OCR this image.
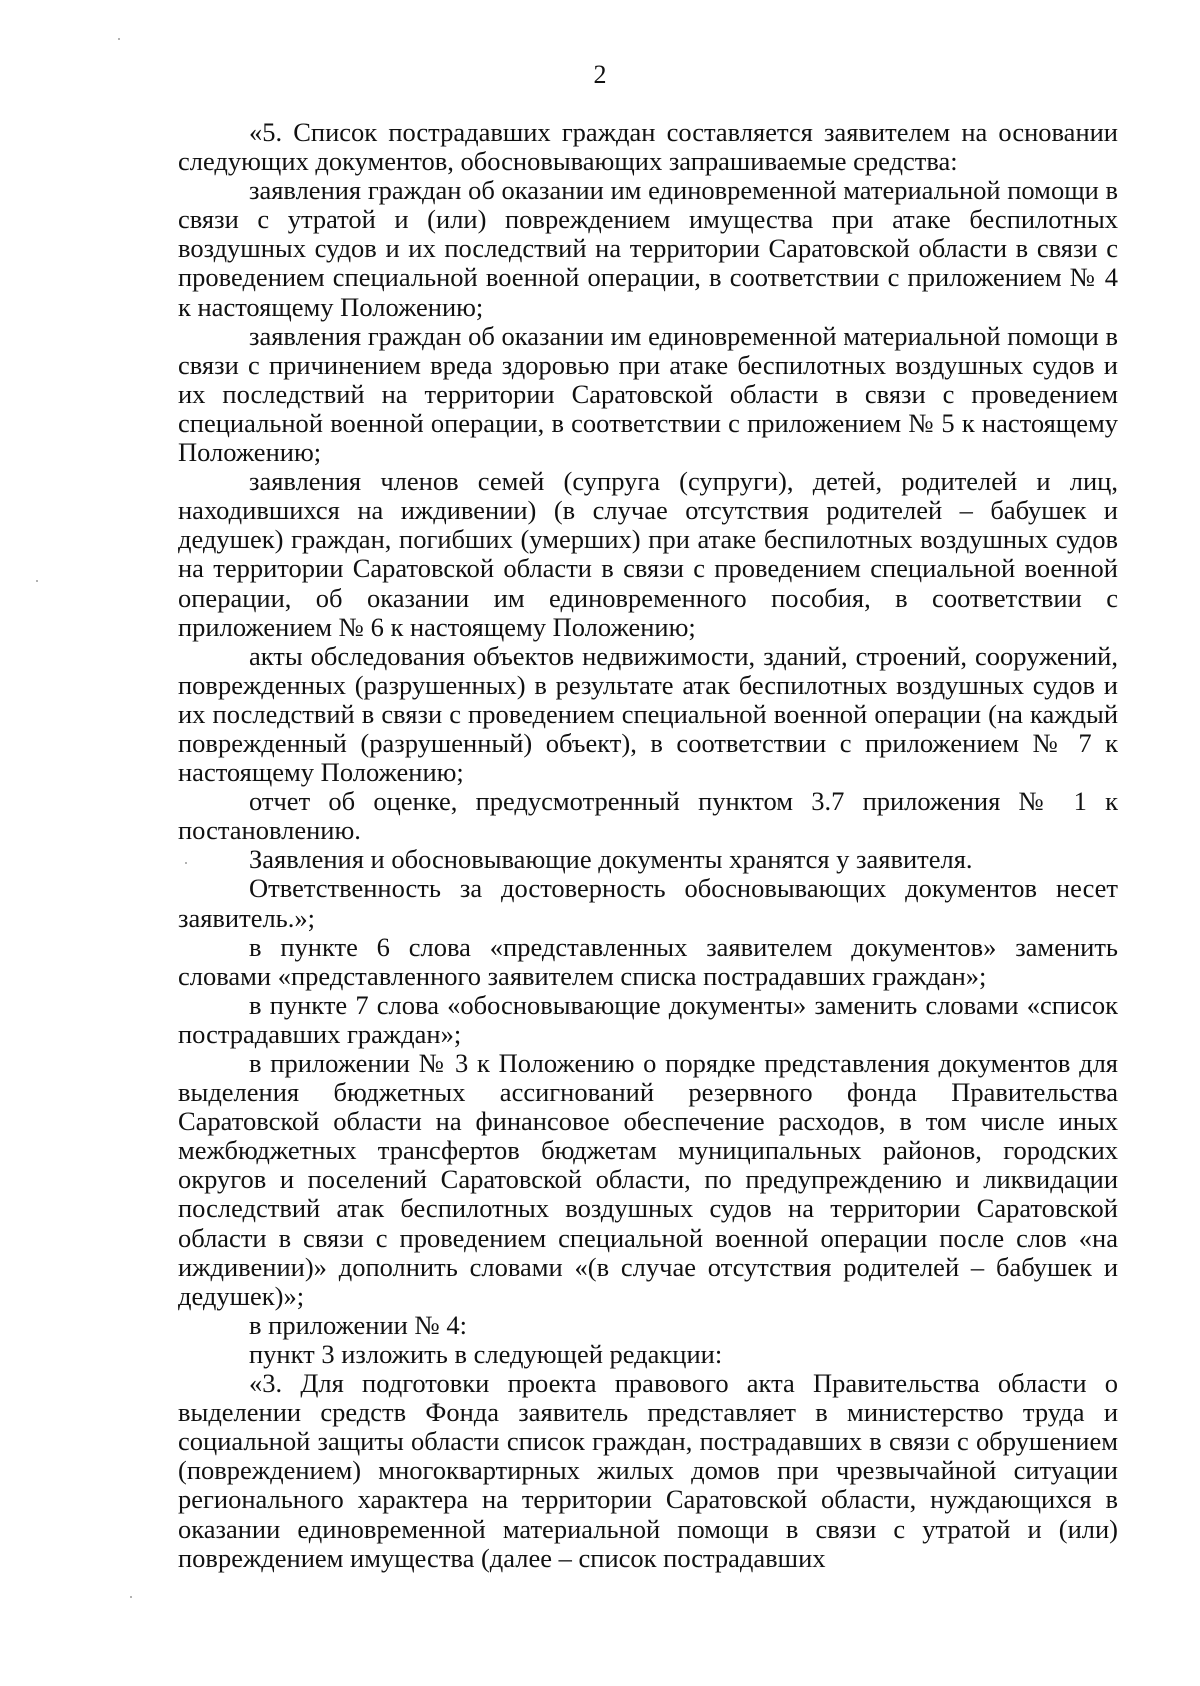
2

«5. Список пострадавших граждан составляется заявителем на основании следующих документов, обосновывающих запрашиваемые средства:

заявления граждан об оказании им единовременной материальной помощи в связи с утратой и (или) повреждением имущества при атаке беспилотных воздушных судов и их последствий на территории Саратовской области в связи с проведением специальной военной операции, в соответствии с приложением № 4 к настоящему Положению;

заявления граждан об оказании им единовременной материальной помощи в связи с причинением вреда здоровью при атаке беспилотных воздушных судов и их последствий на территории Саратовской области в связи с проведением специальной военной операции, в соответствии с приложением № 5 к настоящему Положению;

заявления членов семей (супруга (супруги), детей, родителей и лиц, находившихся на иждивении) (в случае отсутствия родителей – бабушек и дедушек) граждан, погибших (умерших) при атаке беспилотных воздушных судов на территории Саратовской области в связи с проведением специальной военной операции, об оказании им единовременного пособия, в соответствии с приложением № 6 к настоящему Положению;

акты обследования объектов недвижимости, зданий, строений, сооружений, поврежденных (разрушенных) в результате атак беспилотных воздушных судов и их последствий в связи с проведением специальной военной операции (на каждый поврежденный (разрушенный) объект), в соответствии с приложением № 7 к настоящему Положению;

отчет об оценке, предусмотренный пунктом 3.7 приложения № 1 к постановлению.

Заявления и обосновывающие документы хранятся у заявителя.

Ответственность за достоверность обосновывающих документов несет заявитель.»;

в пункте 6 слова «представленных заявителем документов» заменить словами «представленного заявителем списка пострадавших граждан»;

в пункте 7 слова «обосновывающие документы» заменить словами «список пострадавших граждан»;

в приложении № 3 к Положению о порядке представления документов для выделения бюджетных ассигнований резервного фонда Правительства Саратовской области на финансовое обеспечение расходов, в том числе иных межбюджетных трансфертов бюджетам муниципальных районов, городских округов и поселений Саратовской области, по предупреждению и ликвидации последствий атак беспилотных воздушных судов на территории Саратовской области в связи с проведением специальной военной операции после слов «на иждивении)» дополнить словами «(в случае отсутствия родителей – бабушек и дедушек)»;

в приложении № 4:

пункт 3 изложить в следующей редакции:

«3. Для подготовки проекта правового акта Правительства области о выделении средств Фонда заявитель представляет в министерство труда и социальной защиты области список граждан, пострадавших в связи с обрушением (повреждением) многоквартирных жилых домов при чрезвычайной ситуации регионального характера на территории Саратовской области, нуждающихся в оказании единовременной материальной помощи в связи с утратой и (или) повреждением имущества (далее – список пострадавших
